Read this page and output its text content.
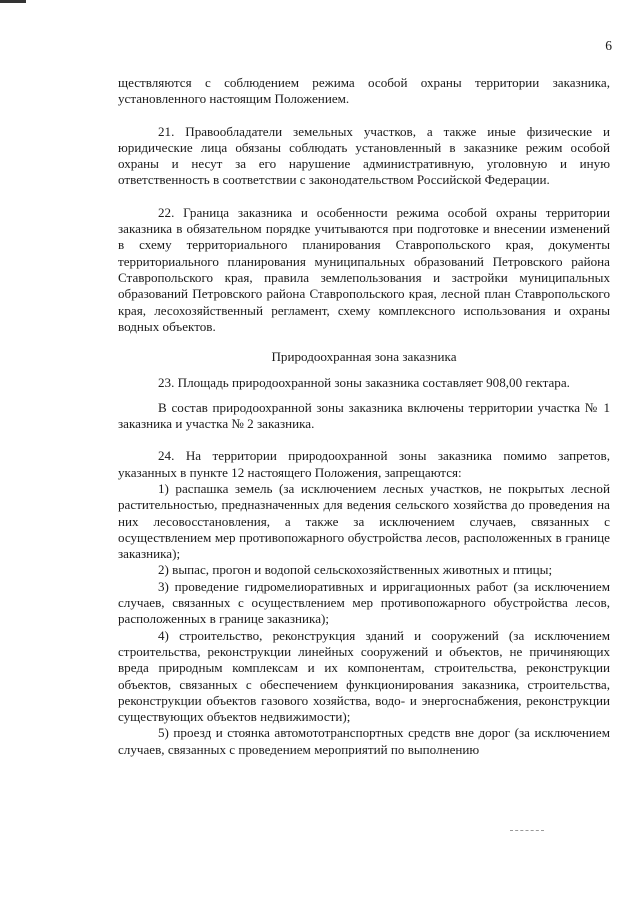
6

ществляются с соблюдением режима особой охраны территории заказника, установленного настоящим Положением.

21. Правообладатели земельных участков, а также иные физические и юридические лица обязаны соблюдать установленный в заказнике режим особой охраны и несут за его нарушение административную, уголовную и иную ответственность в соответствии с законодательством Российской Федерации.

22. Граница заказника и особенности режима особой охраны территории заказника в обязательном порядке учитываются при подготовке и внесении изменений в схему территориального планирования Ставропольского края, документы территориального планирования муниципальных образований Петровского района Ставропольского края, правила землепользования и застройки муниципальных образований Петровского района Ставропольского края, лесной план Ставропольского края, лесохозяйственный регламент, схему комплексного использования и охраны водных объектов.

Природоохранная зона заказника

23. Площадь природоохранной зоны заказника составляет 908,00 гектара.

В состав природоохранной зоны заказника включены территории участка № 1 заказника и участка № 2 заказника.

24. На территории природоохранной зоны заказника помимо запретов, указанных в пункте 12 настоящего Положения, запрещаются:

1) распашка земель (за исключением лесных участков, не покрытых лесной растительностью, предназначенных для ведения сельского хозяйства до проведения на них лесовосстановления, а также за исключением случаев, связанных с осуществлением мер противопожарного обустройства лесов, расположенных в границе заказника);

2) выпас, прогон и водопой сельскохозяйственных животных и птицы;

3) проведение гидромелиоративных и ирригационных работ (за исключением случаев, связанных с осуществлением мер противопожарного обустройства лесов, расположенных в границе заказника);

4) строительство, реконструкция зданий и сооружений (за исключением строительства, реконструкции линейных сооружений и объектов, не причиняющих вреда природным комплексам и их компонентам, строительства, реконструкции объектов, связанных с обеспечением функционирования заказника, строительства, реконструкции объектов газового хозяйства, водо- и энергоснабжения, реконструкции существующих объектов недвижимости);

5) проезд и стоянка автомототранспортных средств вне дорог (за исключением случаев, связанных с проведением мероприятий по выполнению
